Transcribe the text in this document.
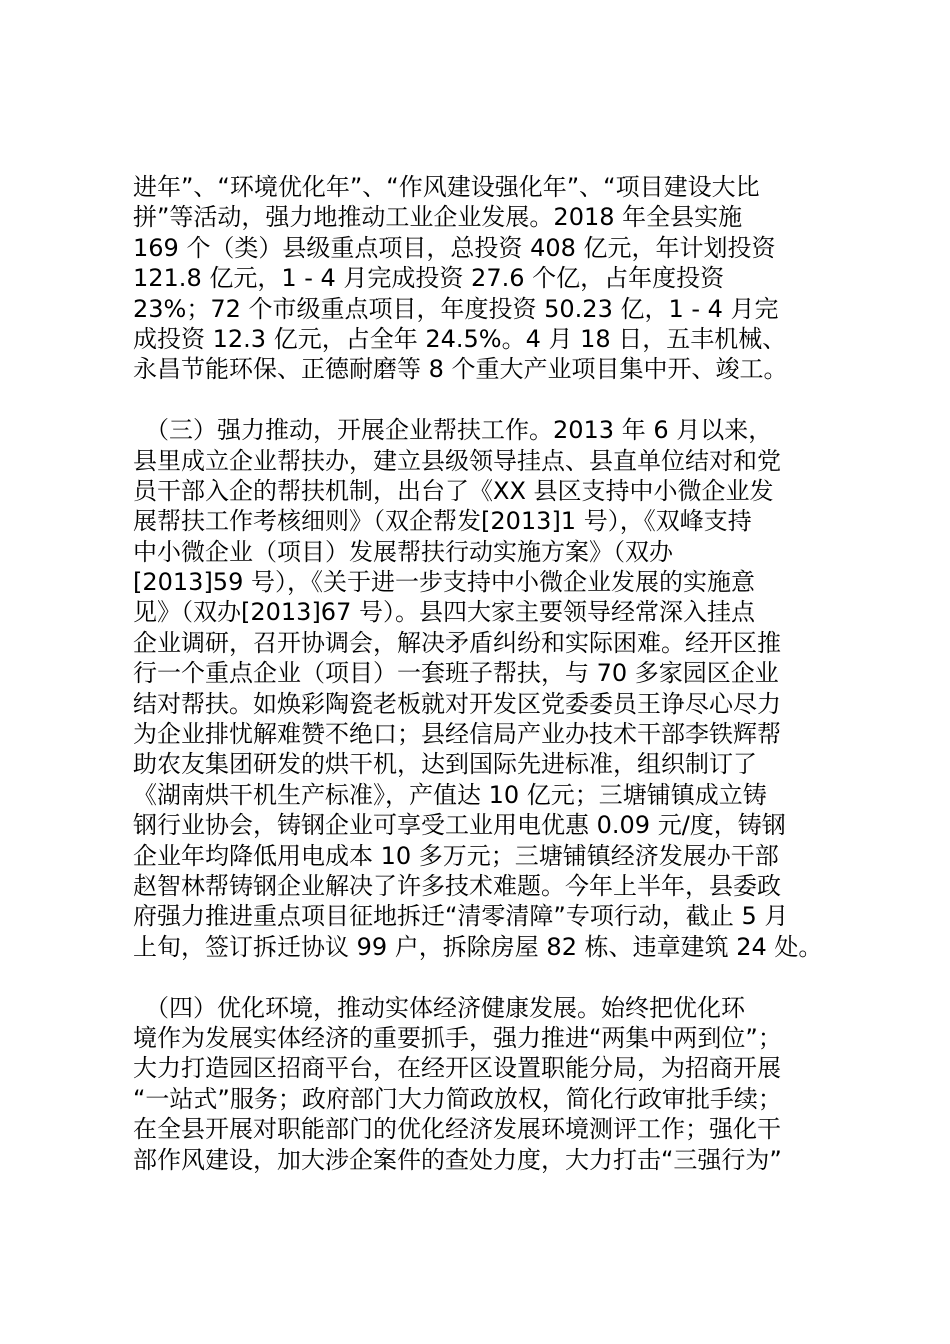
进年”、“环境优化年”、“作风建设强化年”、“项目建设大比
拼”等活动，强力地推动工业企业发展。2018 年全县实施
169 个（类）县级重点项目，总投资 408 亿元，年计划投资
121.8 亿元，1 - 4 月完成投资 27.6 个亿，占年度投资
23%；72 个市级重点项目，年度投资 50.23 亿，1 - 4 月完
成投资 12.3 亿元，占全年 24.5%。4 月 18 日，五丰机械、
永昌节能环保、正德耐磨等 8 个重大产业项目集中开、竣工。

　（三）强力推动，开展企业帮扶工作。2013 年 6 月以来，
县里成立企业帮扶办，建立县级领导挂点、县直单位结对和党
员干部入企的帮扶机制，出台了《XX 县区支持中小微企业发
展帮扶工作考核细则》（双企帮发[2013]1 号），《双峰支持
中小微企业（项目）发展帮扶行动实施方案》（双办
[2013]59 号），《关于进一步支持中小微企业发展的实施意
见》（双办[2013]67 号）。县四大家主要领导经常深入挂点
企业调研，召开协调会，解决矛盾纠纷和实际困难。经开区推
行一个重点企业（项目）一套班子帮扶，与 70 多家园区企业
结对帮扶。如焕彩陶瓷老板就对开发区党委委员王诤尽心尽力
为企业排忧解难赞不绝口；县经信局产业办技术干部李铁辉帮
助农友集团研发的烘干机，达到国际先进标准，组织制订了
《湖南烘干机生产标准》，产值达 10 亿元；三塘铺镇成立铸
钢行业协会，铸钢企业可享受工业用电优惠 0.09 元/度，铸钢
企业年均降低用电成本 10 多万元；三塘铺镇经济发展办干部
赵智林帮铸钢企业解决了许多技术难题。今年上半年，县委政
府强力推进重点项目征地拆迁“清零清障”专项行动，截止 5 月
上旬，签订拆迁协议 99 户，拆除房屋 82 栋、违章建筑 24 处。

　（四）优化环境，推动实体经济健康发展。始终把优化环
境作为发展实体经济的重要抓手，强力推进“两集中两到位”；
大力打造园区招商平台，在经开区设置职能分局，为招商开展
“一站式”服务；政府部门大力简政放权，简化行政审批手续；
在全县开展对职能部门的优化经济发展环境测评工作；强化干
部作风建设，加大涉企案件的查处力度，大力打击“三强行为”
